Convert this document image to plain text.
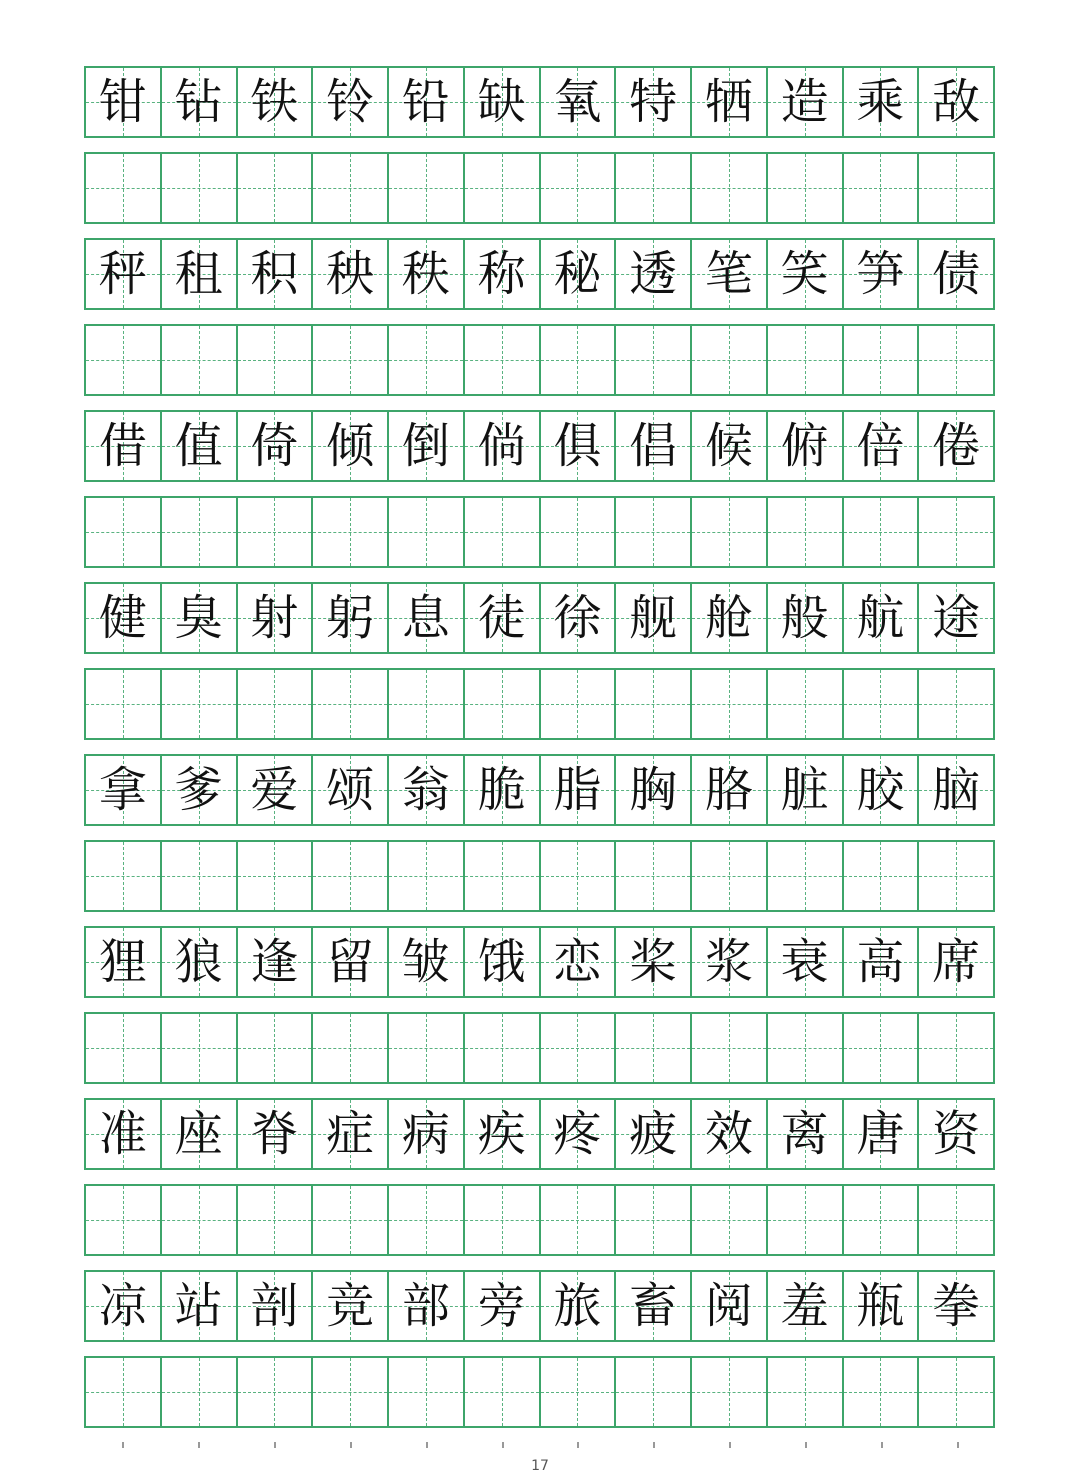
钳 钻 铁 铃 铅 缺 氧 特 牺 造 乘 敌
秤 租 积 秧 秩 称 秘 透 笔 笑 笋 债
借 值 倚 倾 倒 倘 俱 倡 候 俯 倍 倦
健 臭 射 躬 息 徒 徐 舰 舱 般 航 途
拿 爹 爱 颂 翁 脆 脂 胸 胳 脏 胶 脑
狸 狼 逢 留 皱 饿 恋 桨 浆 衰 高 席
准 座 脊 症 病 疾 疼 疲 效 离 唐 资
凉 站 剖 竞 部 旁 旅 畜 阅 羞 瓶 拳
17
